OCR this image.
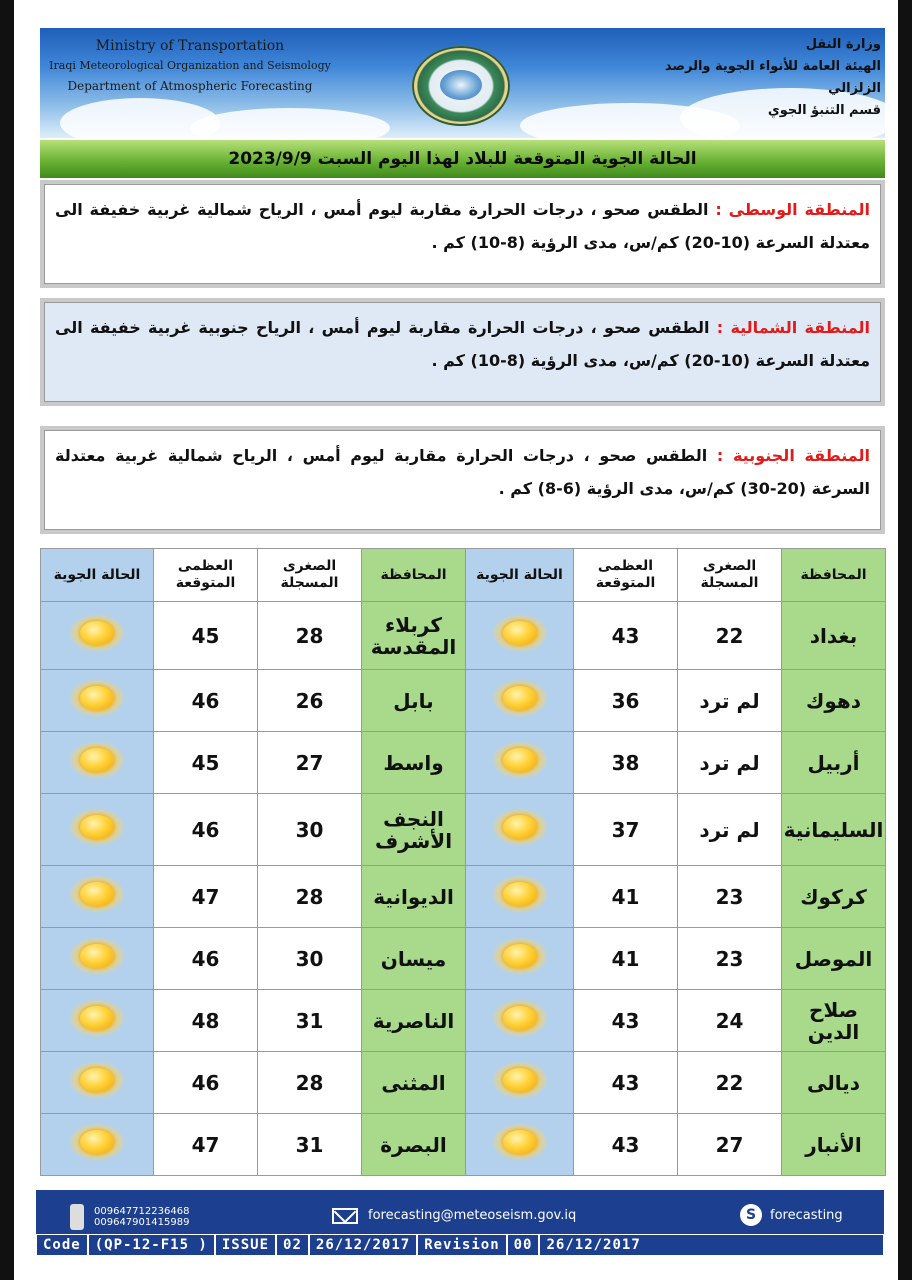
Ministry of Transportation
Iraqi Meteorological Organization and Seismology
Department of Atmospheric Forecasting
وزارة النقل
الهيئة العامة للأنواء الجوية والرصد الزلزالي
قسم التنبؤ الجوي
الحالة الجوية المتوقعة للبلاد لهذا اليوم السبت 2023/9/9
المنطقة الوسطى : الطقس صحو ، درجات الحرارة مقاربة ليوم أمس ، الرياح شمالية غربية خفيفة الى معتدلة السرعة (10-20) كم/س، مدى الرؤية (8-10) كم .
المنطقة الشمالية : الطقس صحو ، درجات الحرارة مقاربة ليوم أمس ، الرياح جنوبية غربية خفيفة الى معتدلة السرعة (10-20) كم/س، مدى الرؤية (8-10) كم .
المنطقة الجنوبية : الطقس صحو ، درجات الحرارة مقاربة ليوم أمس ، الرياح شمالية غربية معتدلة السرعة (20-30) كم/س، مدى الرؤية (6-8) كم .
المحافظة	الصغرى المسجلة	العظمى المتوقعة	الحالة الجوية	المحافظة	الصغرى المسجلة	العظمى المتوقعة	الحالة الجوية
بغداد	22	43		كربلاء المقدسة	28	45	

دهوك	لم ترد	36		بابل	26	46	

أربيل	لم ترد	38		واسط	27	45	

السليمانية	لم ترد	37		النجف الأشرف	30	46	

كركوك	23	41		الديوانية	28	47	

الموصل	23	41		ميسان	30	46	

صلاح الدين	24	43		الناصرية	31	48	

ديالى	22	43		المثنى	28	46	

الأنبار	27	43		البصرة	31	47	
009647712236468
009647901415989	forecasting@meteoseism.gov.iq	S	forecasting
Code	(QP-12-F15 )	ISSUE	02	26/12/2017	Revision	00	26/12/2017
